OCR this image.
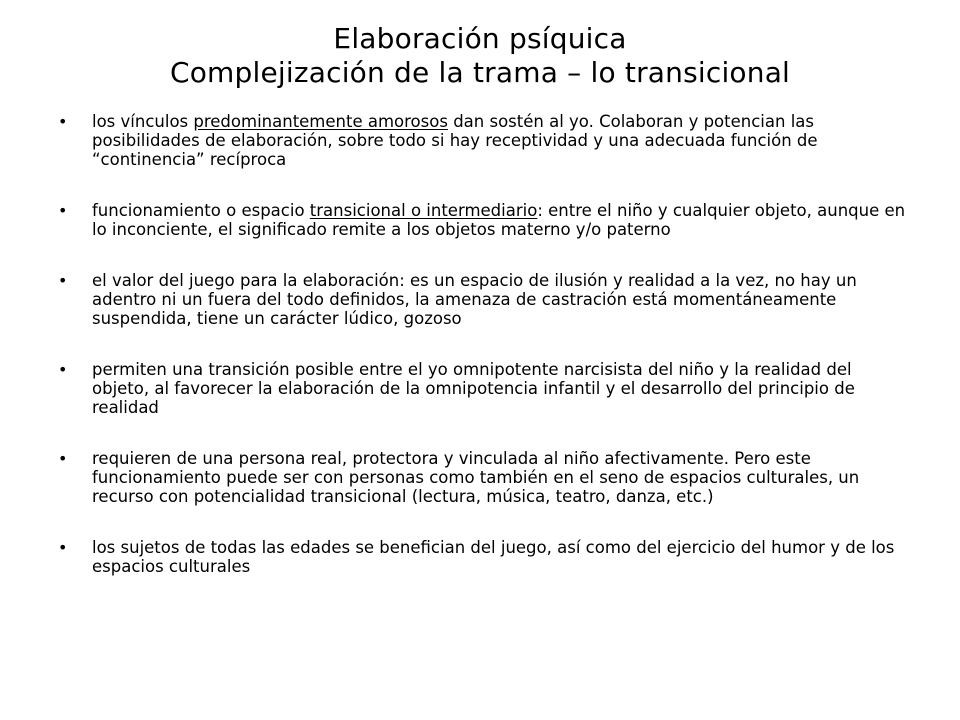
Elaboración psíquica
Complejización de la trama – lo transicional
•	los vínculos predominantemente amorosos dan sostén al yo. Colaboran y potencian las posibilidades de elaboración, sobre todo si hay receptividad y una adecuada función de “continencia” recíproca
•	funcionamiento o espacio transicional o intermediario: entre el niño y cualquier objeto, aunque en lo inconciente, el significado remite a los objetos materno y/o paterno
•	el valor del juego para la elaboración: es un espacio de ilusión y realidad a la vez, no hay un adentro ni un fuera del todo definidos, la amenaza de castración está momentáneamente suspendida, tiene un carácter lúdico, gozoso
•	permiten una transición posible entre el yo omnipotente narcisista del niño y la realidad del objeto, al favorecer la elaboración de la omnipotencia infantil y el desarrollo del principio de realidad
•	requieren de una persona real, protectora y vinculada al niño afectivamente. Pero este funcionamiento puede ser con personas como también en el seno de espacios culturales, un recurso con potencialidad transicional (lectura, música, teatro, danza, etc.)
•	los sujetos de todas las edades se benefician del juego, así como del ejercicio del humor y de los espacios culturales
